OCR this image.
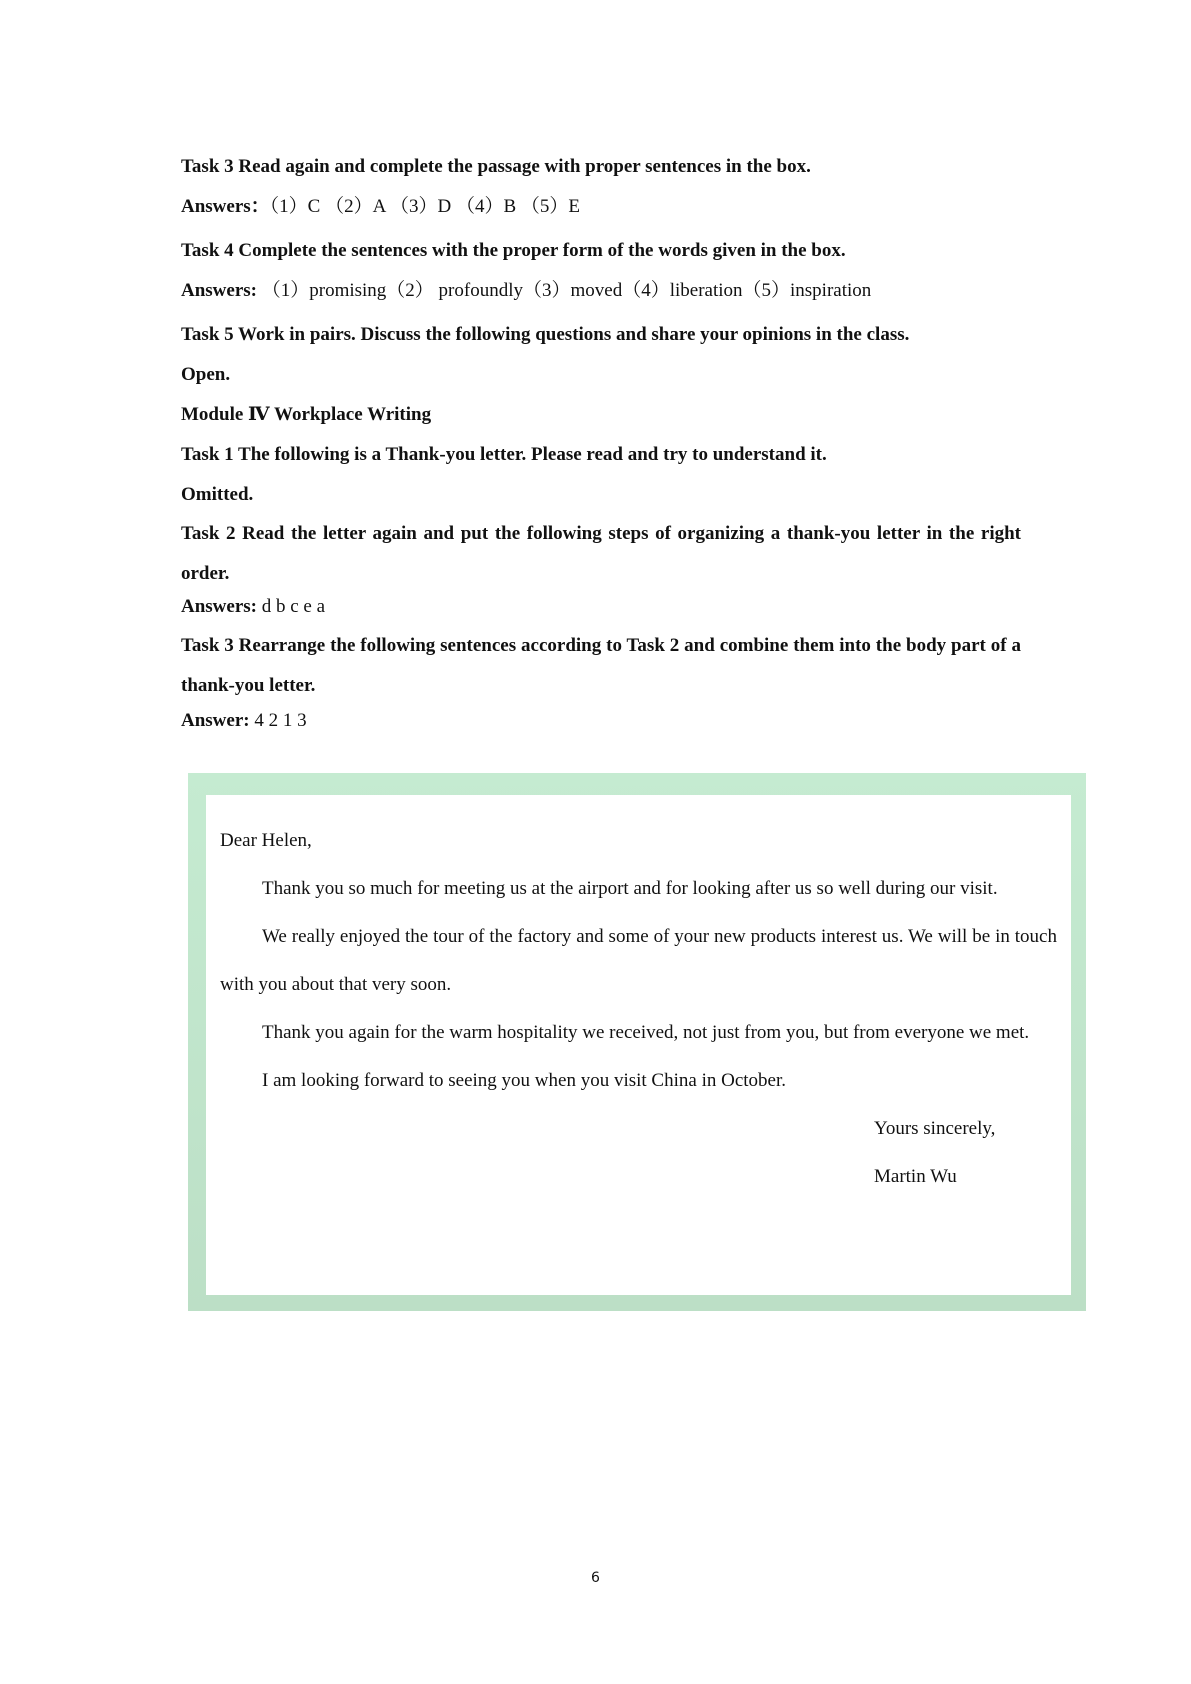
Task 3 Read again and complete the passage with proper sentences in the box.

Answers：（1）C （2）A （3）D （4）B （5）E

Task 4 Complete the sentences with the proper form of the words given in the box.

Answers: （1）promising（2） profoundly（3）moved（4）liberation（5）inspiration

Task 5 Work in pairs. Discuss the following questions and share your opinions in the class.

Open.

Module Ⅳ Workplace Writing

Task 1 The following is a Thank-you letter. Please read and try to understand it.

Omitted.

Task 2 Read the letter again and put the following steps of organizing a thank-you letter in the right order.

Answers: d b c e a

Task 3 Rearrange the following sentences according to Task 2 and combine them into the body part of a thank-you letter.

Answer: 4 2 1 3

Dear Helen,

Thank you so much for meeting us at the airport and for looking after us so well during our visit.

We really enjoyed the tour of the factory and some of your new products interest us. We will be in touch with you about that very soon.

Thank you again for the warm hospitality we received, not just from you, but from everyone we met.

I am looking forward to seeing you when you visit China in October.

Yours sincerely,

Martin Wu

6
